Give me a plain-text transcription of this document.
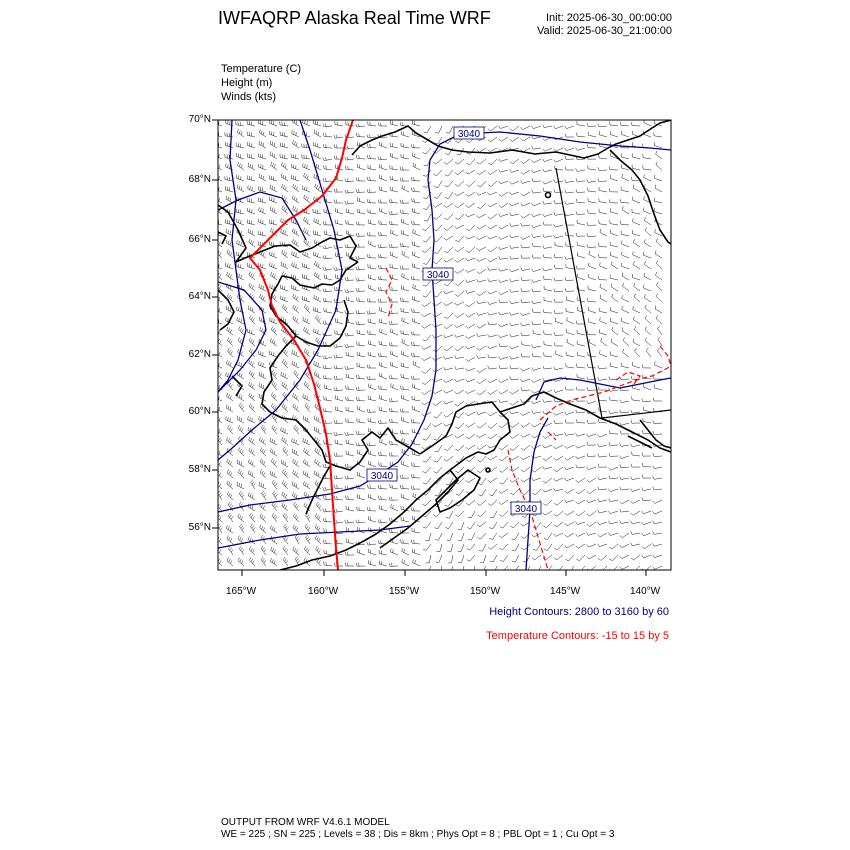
IWFAQRP Alaska Real Time WRF	Init: 2025-06-30_00:00:00
Valid: 2025-06-30_21:00:00
Temperature (C)
Height (m)
Winds (kts)
3040
3040
3040
3040
70°N
68°N
66°N
64°N
62°N
60°N
58°N
56°N
165°W	160°W	155°W	150°W	145°W	140°W
Height Contours: 2800 to 3160 by 60
Temperature Contours: -15 to 15 by 5
OUTPUT FROM WRF V4.6.1 MODEL
WE = 225 ; SN = 225 ; Levels = 38 ; Dis = 8km ; Phys Opt = 8 ; PBL Opt = 1 ; Cu Opt = 3
